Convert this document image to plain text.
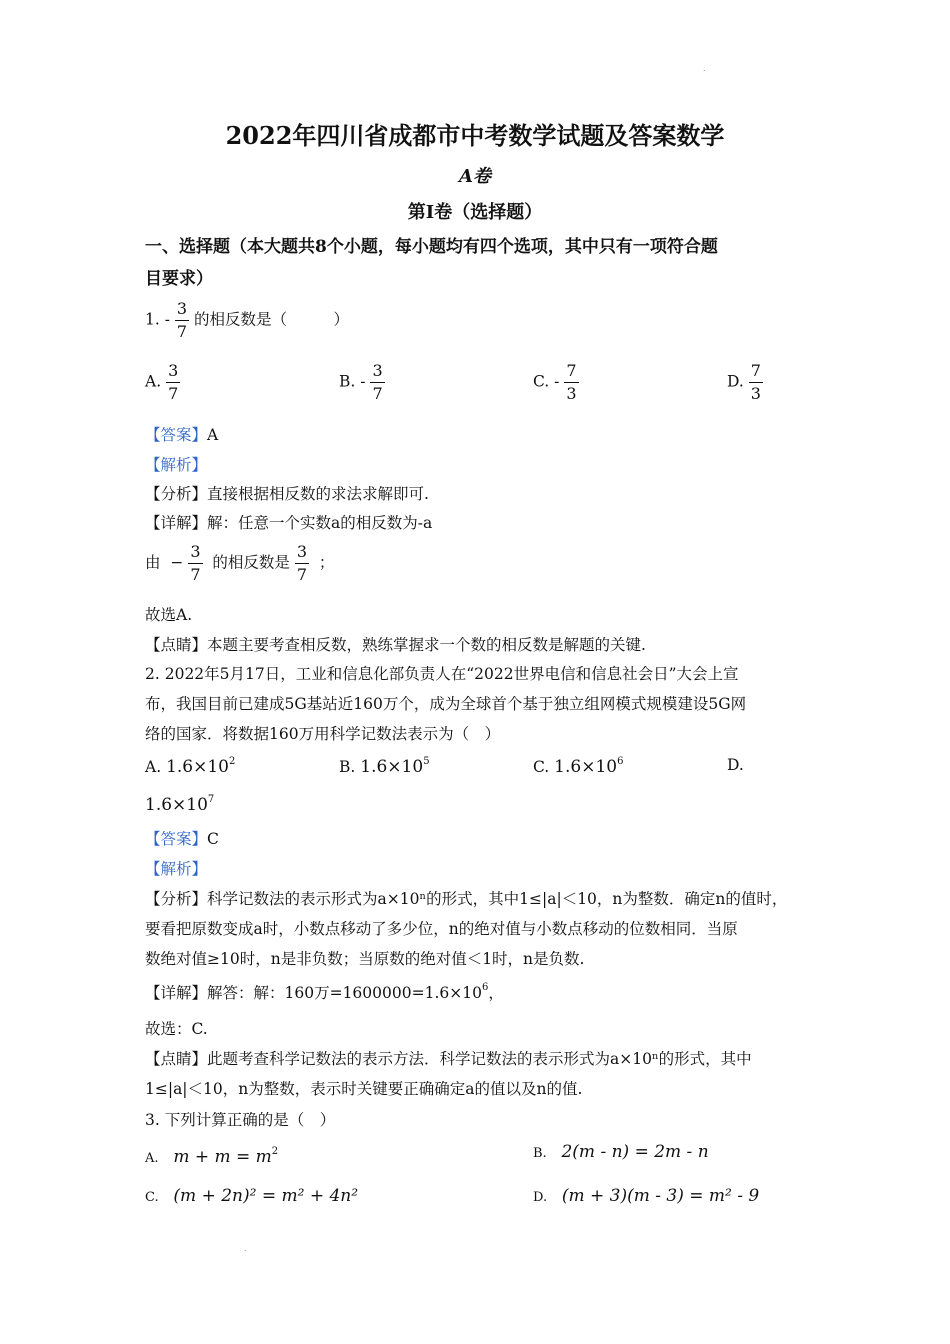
.
2022年四川省成都市中考数学试题及答案数学
A卷
第Ⅰ卷（选择题）
一、选择题（本大题共8个小题，每小题均有四个选项，其中只有一项符合题
目要求）
1. - $\frac{3}{7}$ 的相反数是（　　　）
A. $\frac{3}{7}$	B. - $\frac{3}{7}$	C. - $\frac{7}{3}$	D. $\frac{7}{3}$
【答案】A
【解析】
【分析】直接根据相反数的求法求解即可.
【详解】解：任意一个实数a的相反数为-a
由 − $\frac{3}{7}$ 的相反数是 $\frac{3}{7}$ ；
故选A.
【点睛】本题主要考查相反数，熟练掌握求一个数的相反数是解题的关键.
2. 2022年5月17日，工业和信息化部负责人在“2022世界电信和信息社会日”大会上宣
布，我国目前已建成5G基站近160万个，成为全球首个基于独立组网模式规模建设5G网
络的国家．将数据160万用科学记数法表示为（　）
A. $1.6\times 10^2$	B. $1.6\times 10^5$	C. $1.6\times 10^6$	D.
$1.6\times 10^7$
【答案】C
【解析】
【分析】科学记数法的表示形式为a×10ⁿ的形式，其中1≤|a|＜10，n为整数．确定n的值时，
要看把原数变成a时，小数点移动了多少位，n的绝对值与小数点移动的位数相同．当原
数绝对值≥10时，n是非负数；当原数的绝对值＜1时，n是负数.
【详解】解答：解：160万$=1600000=1.6\times 10^6$，
故选：C.
【点睛】此题考查科学记数法的表示方法．科学记数法的表示形式为a×10ⁿ的形式，其中
1≤|a|＜10，n为整数，表示时关键要正确确定a的值以及n的值.
3. 下列计算正确的是（　）
A. $m + m = m^2$	B. 2(m - n) = 2m - n
C. (m + 2n)² = m² + 4n²	D. (m + 3)(m - 3) = m² - 9
.
